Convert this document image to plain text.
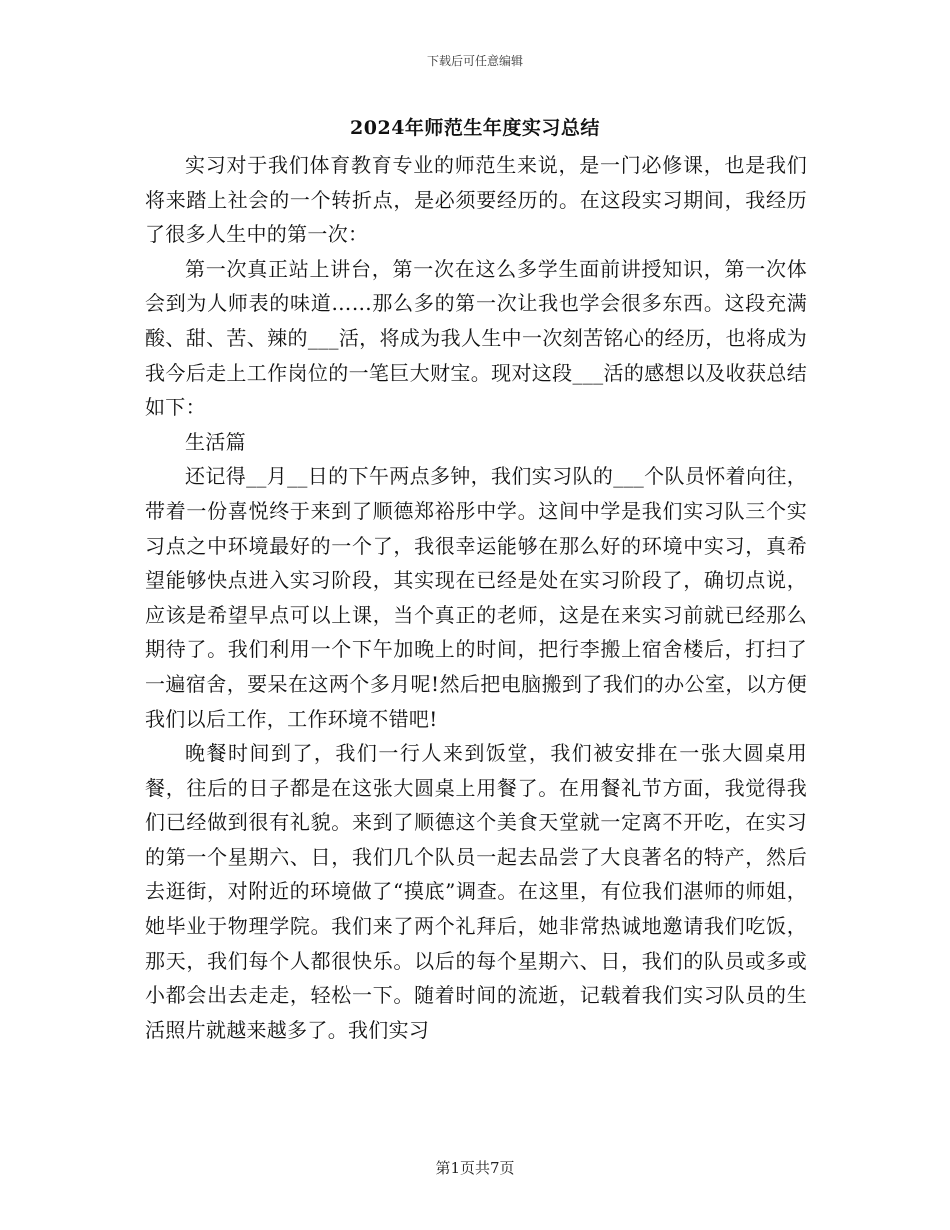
下载后可任意编辑
2024年师范生年度实习总结

实习对于我们体育教育专业的师范生来说，是一门必修课，也是我们将来踏上社会的一个转折点，是必须要经历的。在这段实习期间，我经历了很多人生中的第一次：

第一次真正站上讲台，第一次在这么多学生面前讲授知识，第一次体会到为人师表的味道……那么多的第一次让我也学会很多东西。这段充满酸、甜、苦、辣的___活，将成为我人生中一次刻苦铭心的经历，也将成为我今后走上工作岗位的一笔巨大财宝。现对这段___活的感想以及收获总结如下：

生活篇

还记得__月__日的下午两点多钟，我们实习队的___个队员怀着向往，带着一份喜悦终于来到了顺德郑裕彤中学。这间中学是我们实习队三个实习点之中环境最好的一个了，我很幸运能够在那么好的环境中实习，真希望能够快点进入实习阶段，其实现在已经是处在实习阶段了，确切点说，应该是希望早点可以上课，当个真正的老师，这是在来实习前就已经那么期待了。我们利用一个下午加晚上的时间，把行李搬上宿舍楼后，打扫了一遍宿舍，要呆在这两个多月呢!然后把电脑搬到了我们的办公室，以方便我们以后工作，工作环境不错吧!

晚餐时间到了，我们一行人来到饭堂，我们被安排在一张大圆桌用餐，往后的日子都是在这张大圆桌上用餐了。在用餐礼节方面，我觉得我们已经做到很有礼貌。来到了顺德这个美食天堂就一定离不开吃，在实习的第一个星期六、日，我们几个队员一起去品尝了大良著名的特产，然后去逛街，对附近的环境做了“摸底”调查。在这里，有位我们湛师的师姐，她毕业于物理学院。我们来了两个礼拜后，她非常热诚地邀请我们吃饭，那天，我们每个人都很快乐。以后的每个星期六、日，我们的队员或多或小都会出去走走，轻松一下。随着时间的流逝，记载着我们实习队员的生活照片就越来越多了。我们实习

第1页共7页
